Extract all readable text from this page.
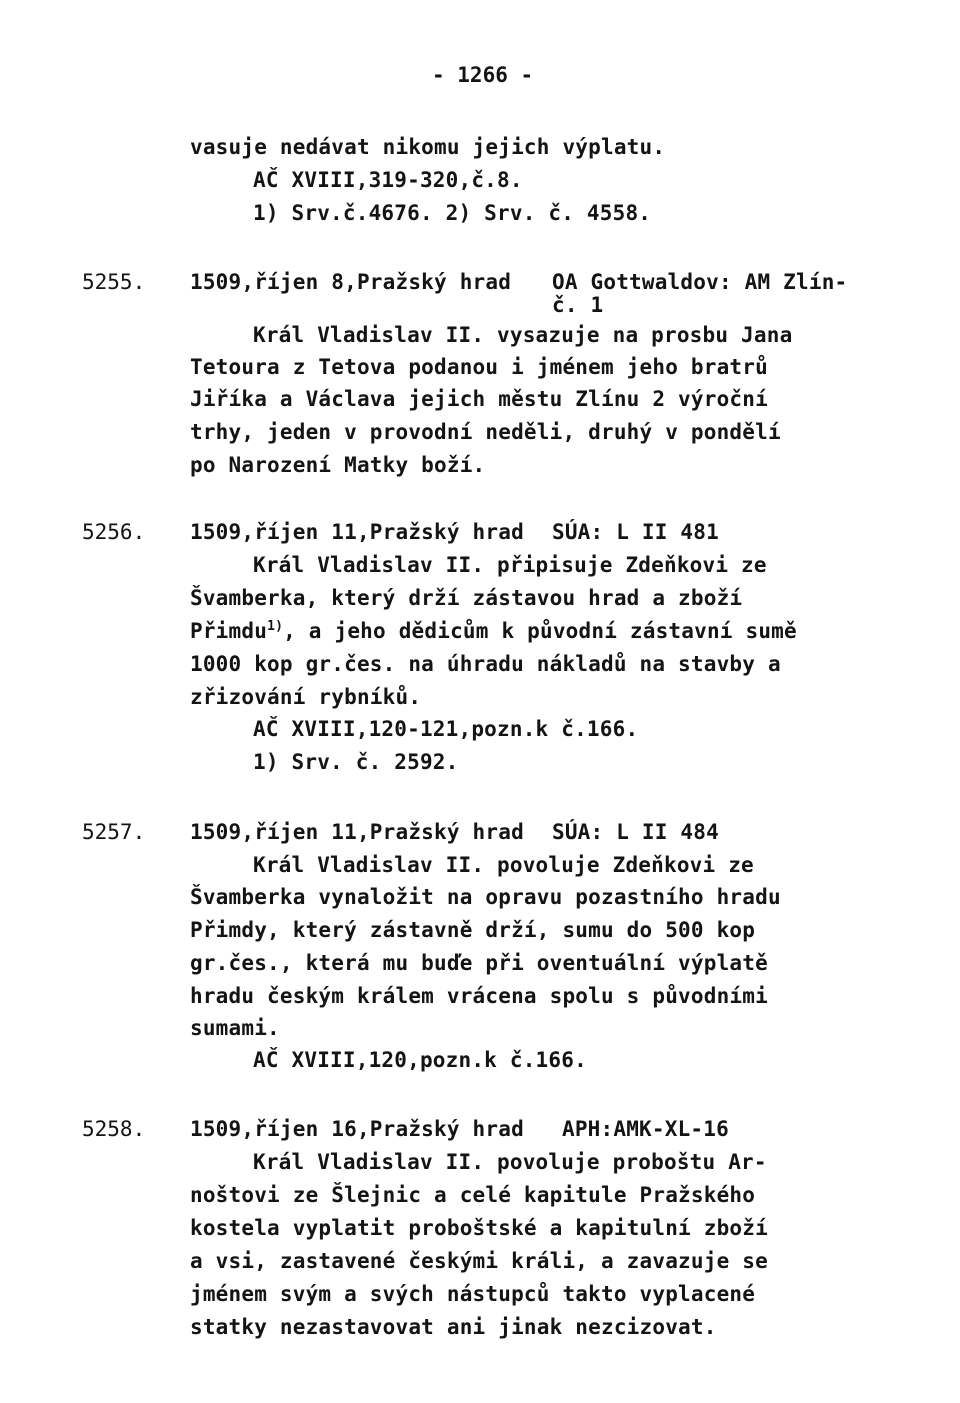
- 1266 -
vasuje nedávat nikomu jejich výplatu.
AČ XVIII,319-320,č.8.
1) Srv.č.4676. 2) Srv. č. 4558.
5255. 1509,říjen 8,Pražský hrad OA Gottwaldov: AM Zlín-
č. 1
Král Vladislav II. vysazuje na prosbu Jana
Tetoura z Tetova podanou i jménem jeho bratrů
Jiříka a Václava jejich městu Zlínu 2 výroční
trhy, jeden v provodní neděli, druhý v pondělí
po Narození Matky boží.
5256. 1509,říjen 11,Pražský hrad SÚA: L II 481
Král Vladislav II. připisuje Zdeňkovi ze
Švamberka, který drží zástavou hrad a zboží
Přimdu$^{1)}$, a jeho dědicům k původní zástavní sumě
1000 kop gr.čes. na úhradu nákladů na stavby a
zřizování rybníků.
AČ XVIII,120-121,pozn.k č.166.
1) Srv. č. 2592.
5257. 1509,říjen 11,Pražský hrad SÚA: L II 484
Král Vladislav II. povoluje Zdeňkovi ze
Švamberka vynaložit na opravu pozastního hradu
Přimdy, který zástavně drží, sumu do 500 kop
gr.čes., která mu buďe při oventuální výplatě
hradu českým králem vrácena spolu s původními
sumami.
AČ XVIII,120,pozn.k č.166.
5258. 1509,říjen 16,Pražský hrad APH:AMK-XL-16
Král Vladislav II. povoluje proboštu Ar-
noštovi ze Šlejnic a celé kapitule Pražského
kostela vyplatit proboštské a kapitulní zboží
a vsi, zastavené českými králi, a zavazuje se
jménem svým a svých nástupců takto vyplacené
statky nezastavovat ani jinak nezcizovat.
